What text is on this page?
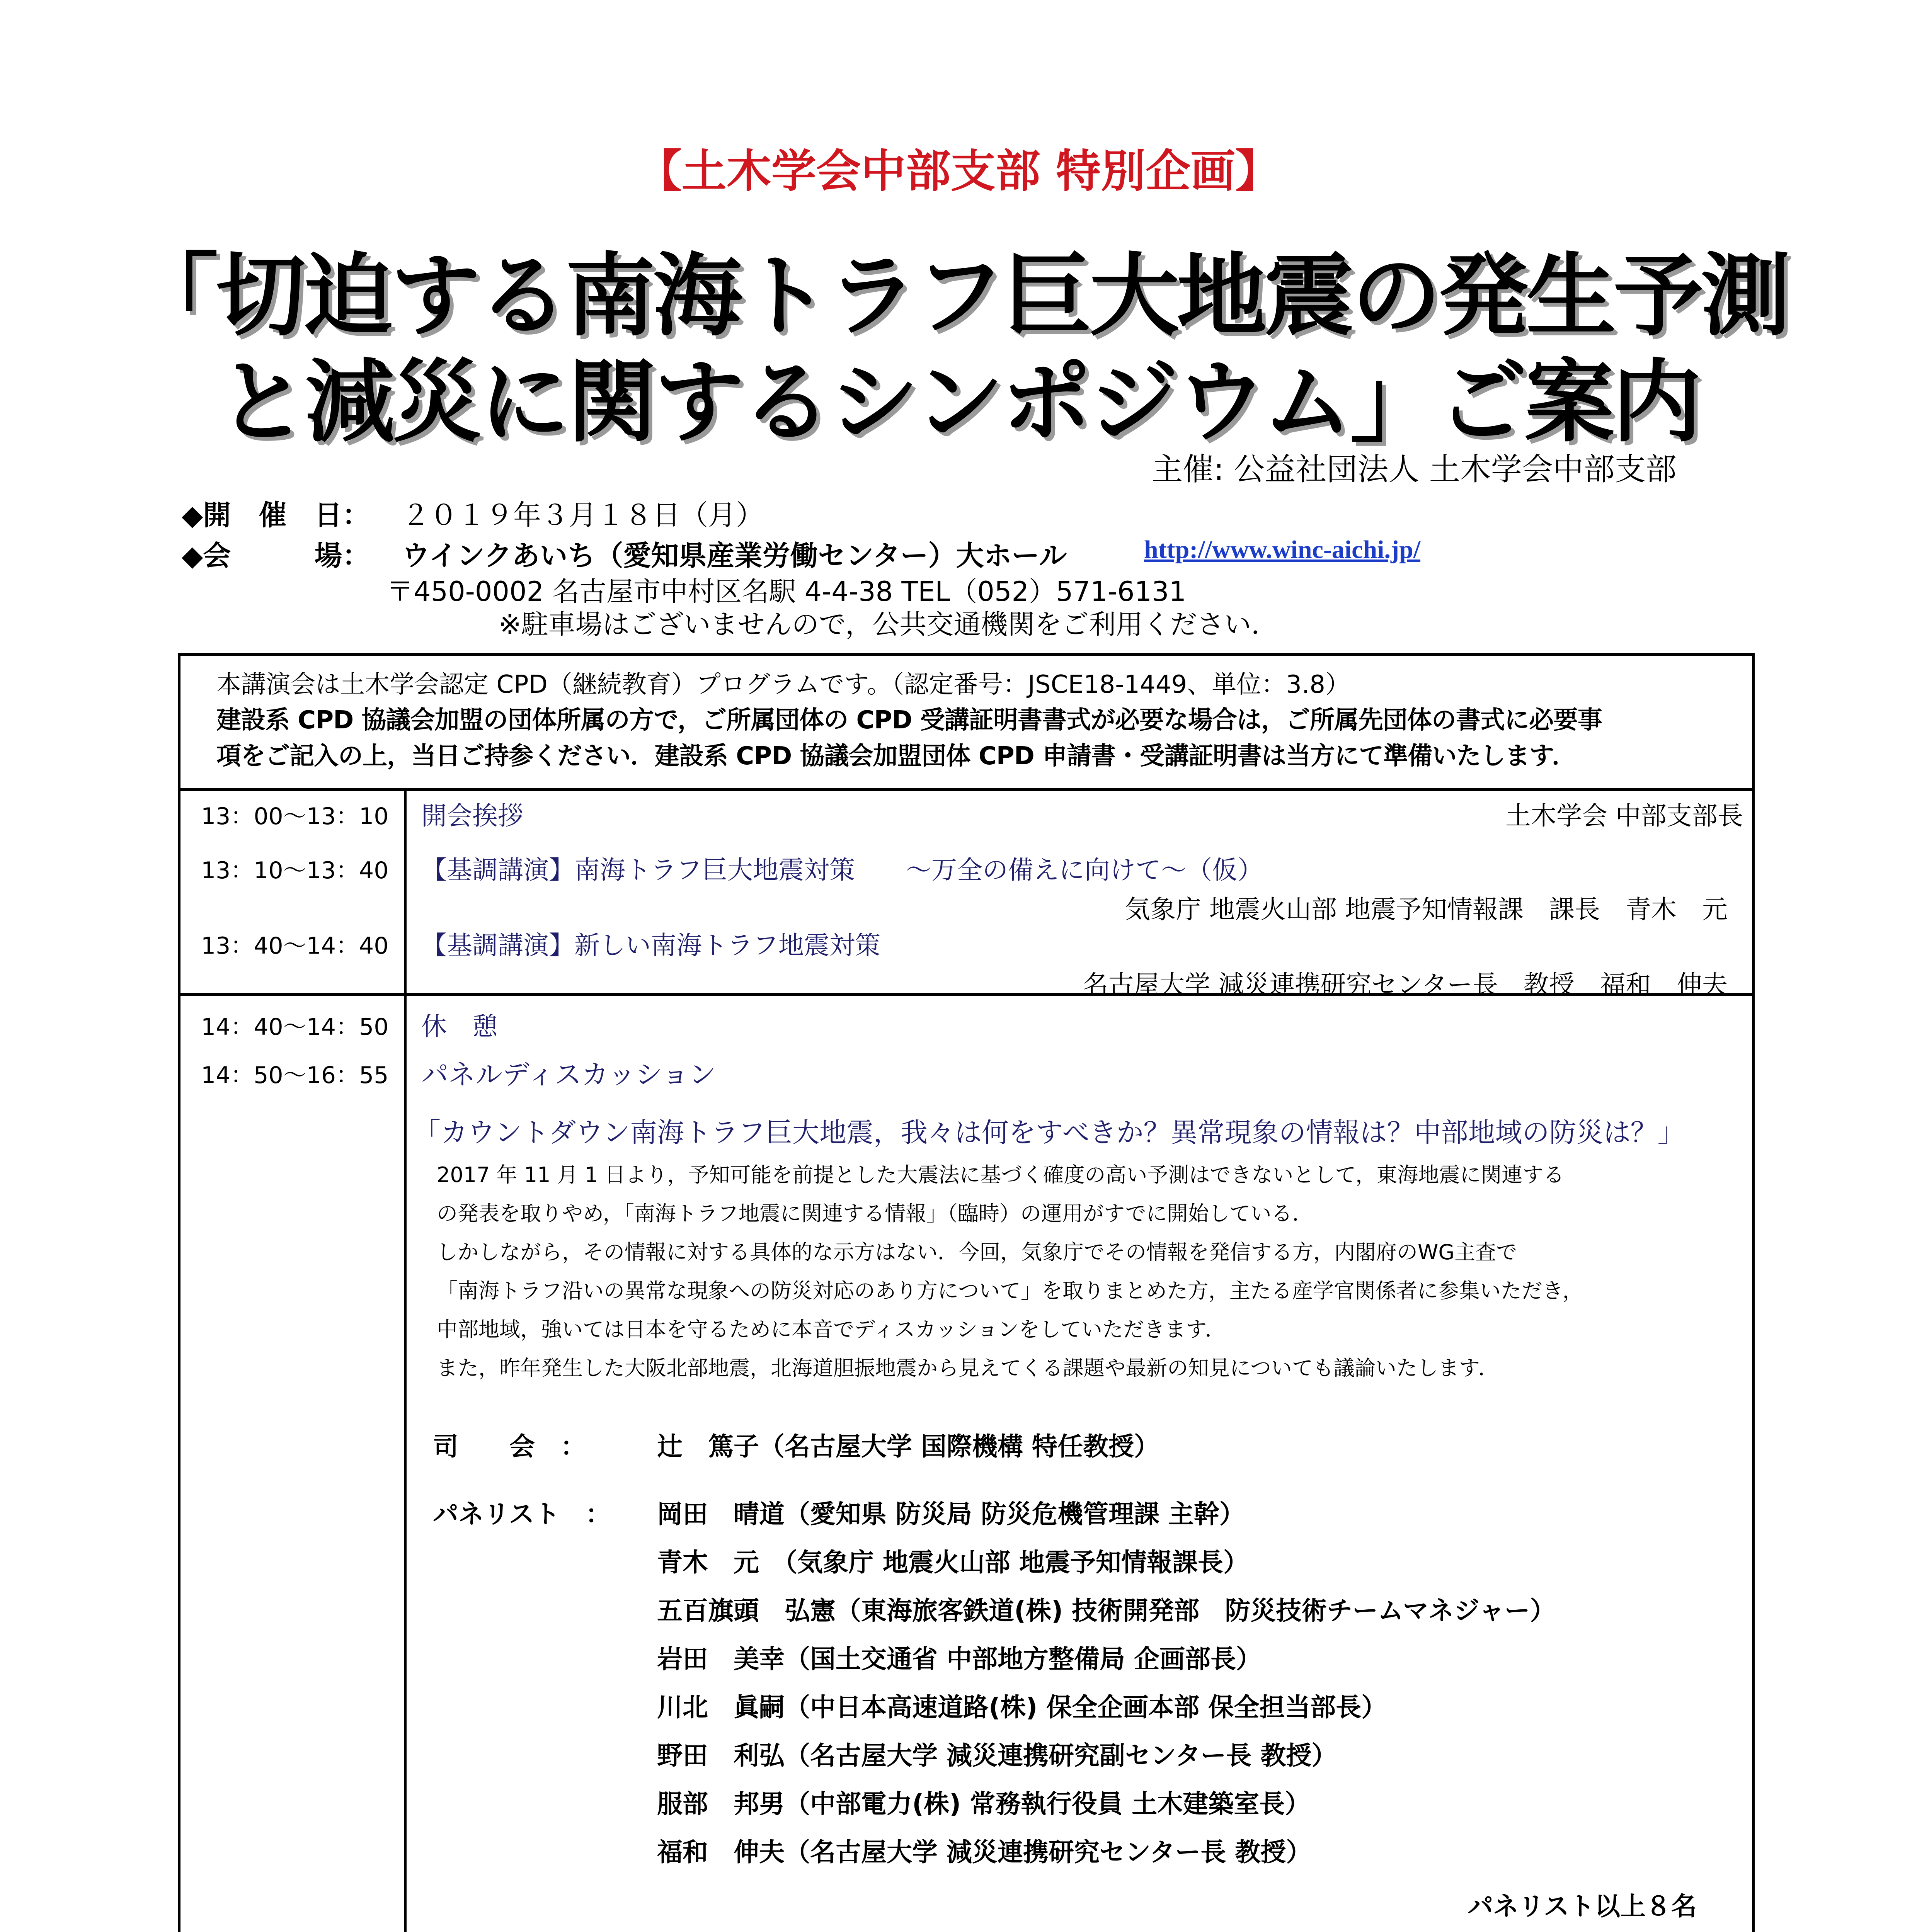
【土木学会中部支部 特別企画】
「切迫する南海トラフ巨大地震の発生予測
と減災に関するシンポジウム」ご案内
主催: 公益社団法人 土木学会中部支部
◆開　催　日： ２０１９年３月１８日（月）
◆会　　　場： ウインクあいち（愛知県産業労働センター）大ホール	http://www.winc-aichi.jp/
〒450-0002 名古屋市中村区名駅 4-4-38 TEL（052）571-6131
※駐車場はございませんので，公共交通機関をご利用ください．
本講演会は土木学会認定 CPD（継続教育）プログラムです。（認定番号：JSCE18-1449、単位：3.8）
建設系 CPD 協議会加盟の団体所属の方で，ご所属団体の CPD 受講証明書書式が必要な場合は，ご所属先団体の書式に必要事
項をご記入の上，当日ご持参ください．建設系 CPD 協議会加盟団体 CPD 申請書・受講証明書は当方にて準備いたします．
13：00〜13：10 開会挨拶	土木学会 中部支部長
13：10〜13：40 【基調講演】南海トラフ巨大地震対策　　〜万全の備えに向けて〜（仮）
気象庁 地震火山部 地震予知情報課　課長　青木　元
13：40〜14：40 【基調講演】新しい南海トラフ地震対策
名古屋大学 減災連携研究センター長　教授　福和　伸夫
14：40〜14：50 休　憩
14：50〜16：55 パネルディスカッション
「カウントダウン南海トラフ巨大地震，我々は何をすべきか？異常現象の情報は？中部地域の防災は？」
2017 年 11 月 1 日より，予知可能を前提とした大震法に基づく確度の高い予測はできないとして，東海地震に関連する
の発表を取りやめ，「南海トラフ地震に関連する情報」（臨時）の運用がすでに開始している．
しかしながら，その情報に対する具体的な示方はない．今回，気象庁でその情報を発信する方，内閣府のWG主査で
「南海トラフ沿いの異常な現象への防災対応のあり方について」を取りまとめた方，主たる産学官関係者に参集いただき，
中部地域，強いては日本を守るために本音でディスカッションをしていただきます．
また，昨年発生した大阪北部地震，北海道胆振地震から見えてくる課題や最新の知見についても議論いたします．
司　　会　：	辻　篤子（名古屋大学 国際機構 特任教授）
パネリスト　： 岡田　晴道（愛知県 防災局 防災危機管理課 主幹）
青木　元　（気象庁 地震火山部 地震予知情報課長）
五百旗頭　弘憲（東海旅客鉄道(株) 技術開発部　防災技術チームマネジャー）
岩田　美幸（国土交通省 中部地方整備局 企画部長）
川北　眞嗣（中日本高速道路(株) 保全企画本部 保全担当部長）
野田　利弘（名古屋大学 減災連携研究副センター長 教授）
服部　邦男（中部電力(株) 常務執行役員 土木建築室長）
福和　伸夫（名古屋大学 減災連携研究センター長 教授）
パネリスト以上８名
